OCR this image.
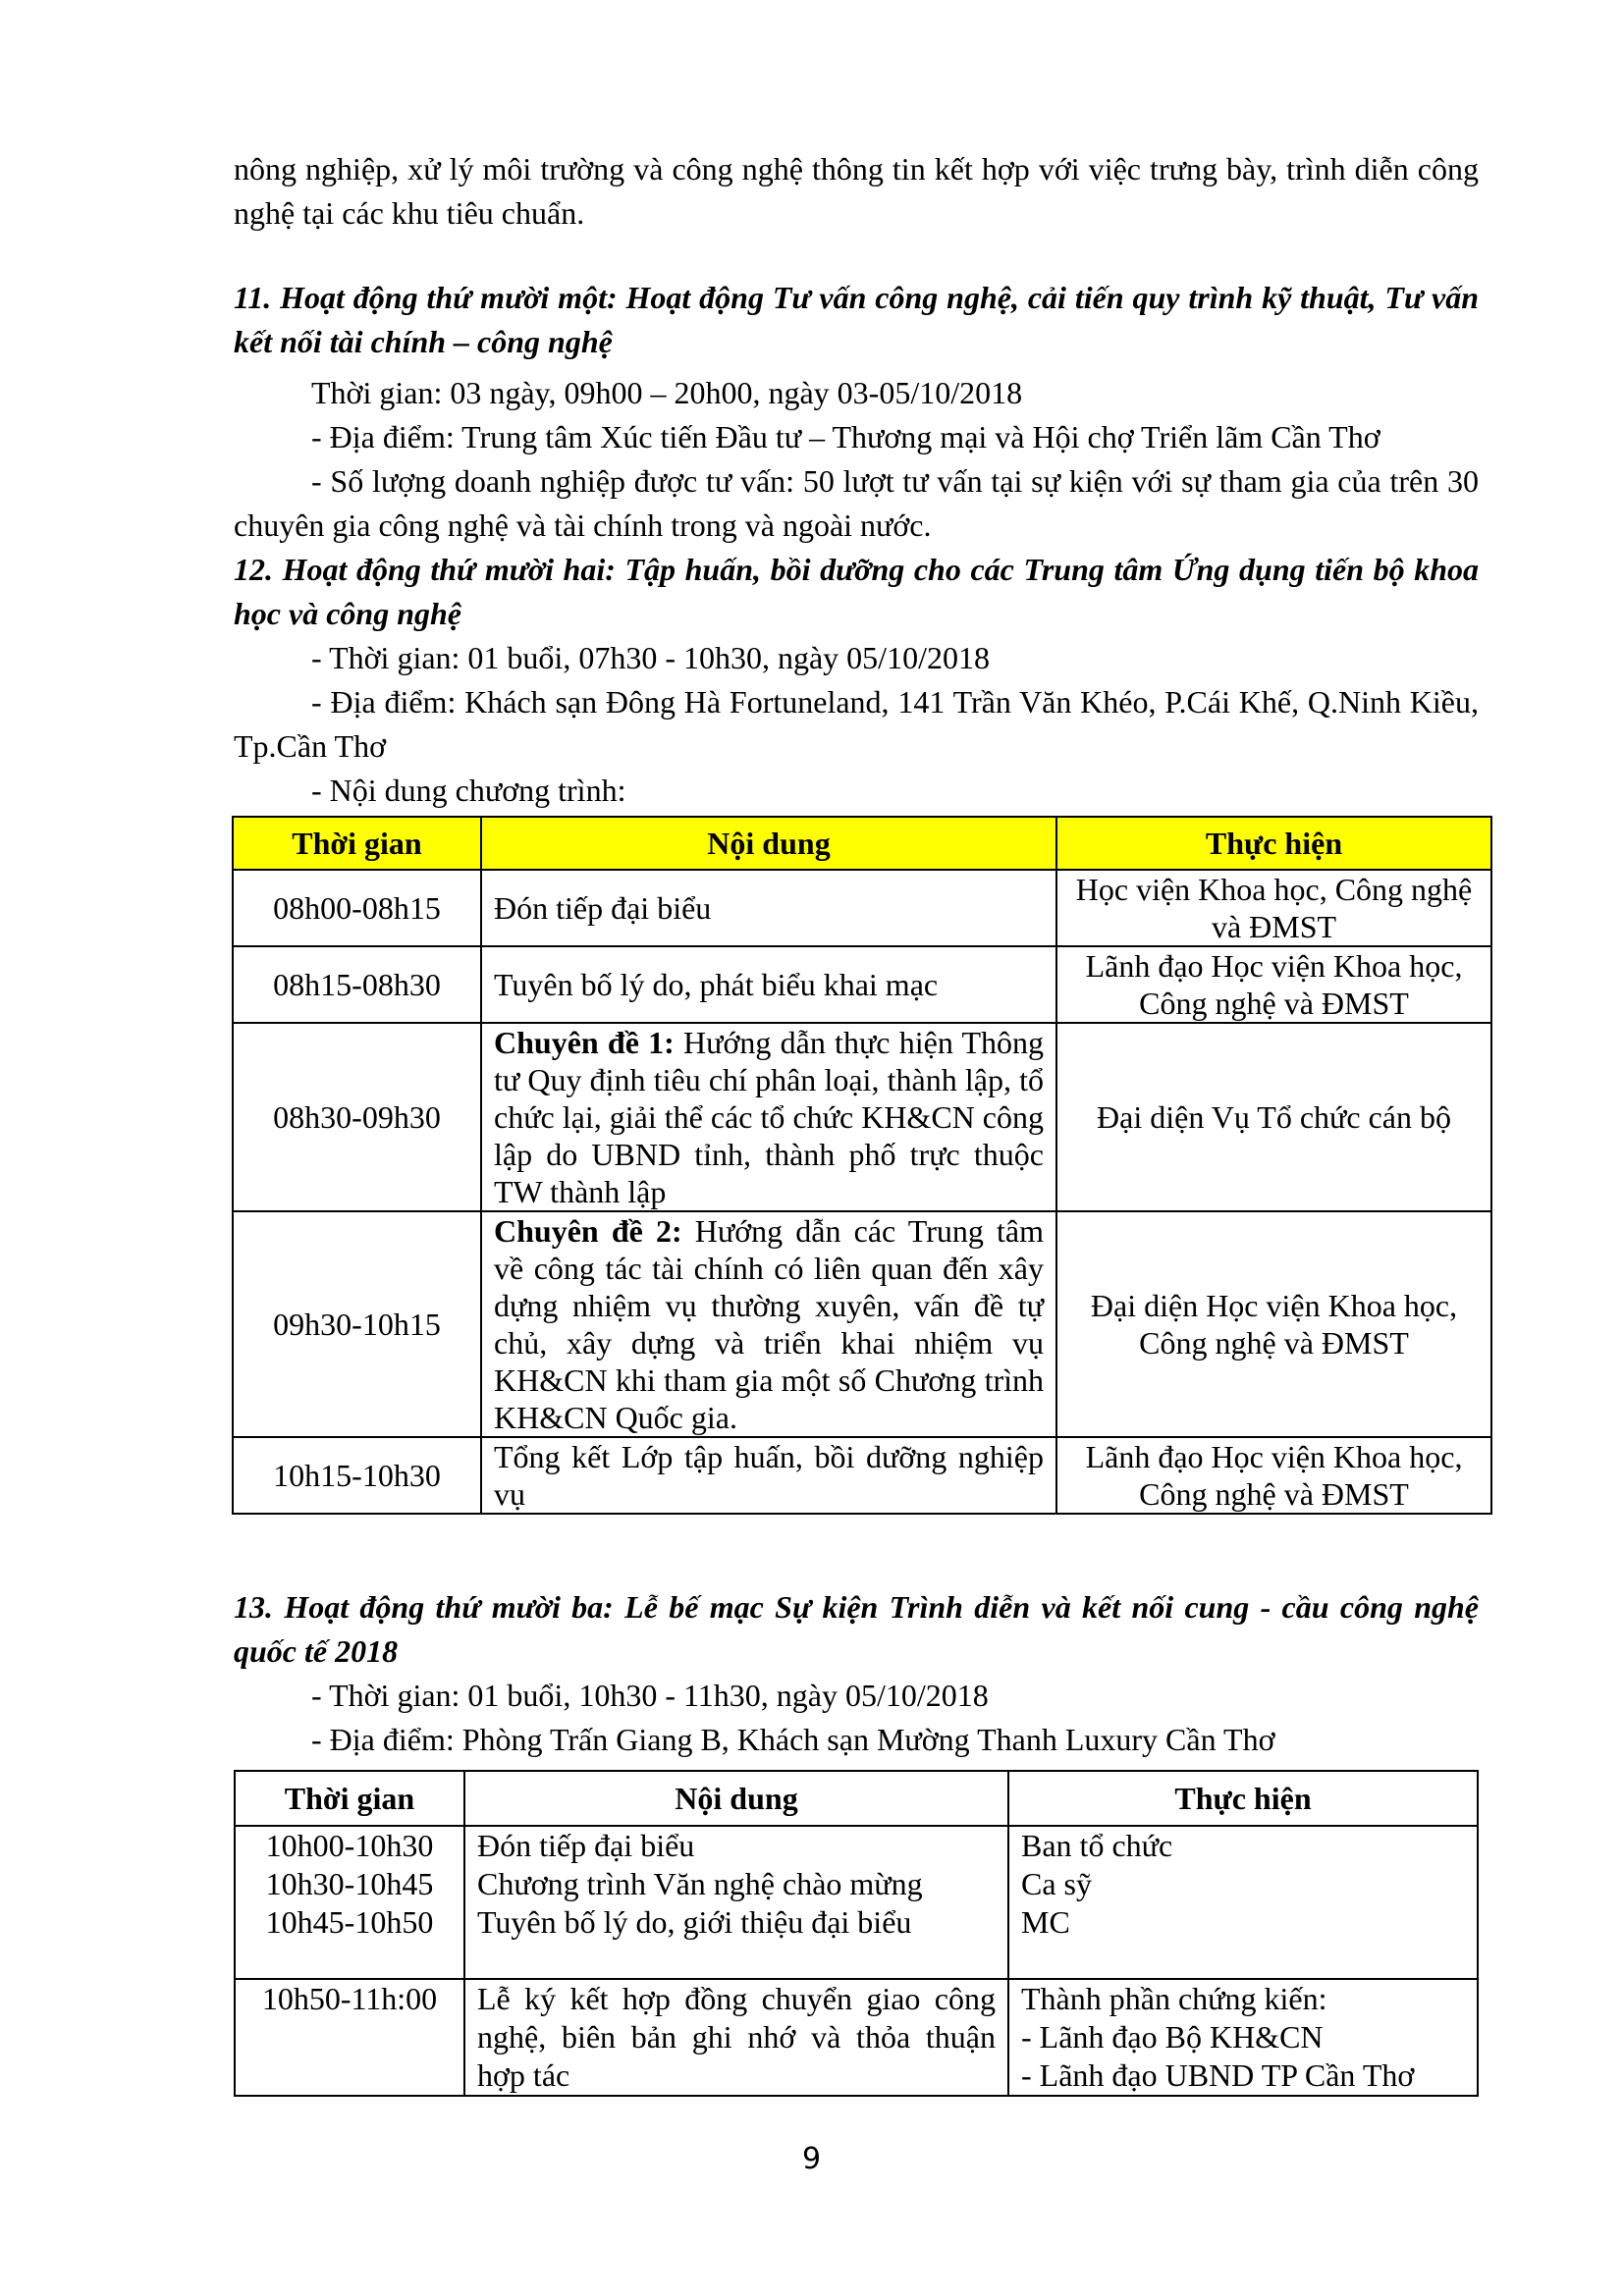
nông nghiệp, xử lý môi trường và công nghệ thông tin kết hợp với việc trưng bày, trình diễn công nghệ tại các khu tiêu chuẩn.

11. Hoạt động thứ mười một: Hoạt động Tư vấn công nghệ, cải tiến quy trình kỹ thuật, Tư vấn kết nối tài chính – công nghệ

Thời gian: 03 ngày, 09h00 – 20h00, ngày 03-05/10/2018

- Địa điểm: Trung tâm Xúc tiến Đầu tư – Thương mại và Hội chợ Triển lãm Cần Thơ

- Số lượng doanh nghiệp được tư vấn: 50 lượt tư vấn tại sự kiện với sự tham gia của trên 30 chuyên gia công nghệ và tài chính trong và ngoài nước.

12. Hoạt động thứ mười hai: Tập huấn, bồi dưỡng cho các Trung tâm Ứng dụng tiến bộ khoa học và công nghệ

- Thời gian: 01 buổi, 07h30 - 10h30, ngày 05/10/2018

- Địa điểm: Khách sạn Đông Hà Fortuneland, 141 Trần Văn Khéo, P.Cái Khế, Q.Ninh Kiều, Tp.Cần Thơ

- Nội dung chương trình:

Thời gian	Nội dung	Thực hiện
08h00-08h15	Đón tiếp đại biểu	Học viện Khoa học, Công nghệ và ĐMST
08h15-08h30	Tuyên bố lý do, phát biểu khai mạc	Lãnh đạo Học viện Khoa học, Công nghệ và ĐMST
08h30-09h30	Chuyên đề 1: Hướng dẫn thực hiện Thông tư Quy định tiêu chí phân loại, thành lập, tổ chức lại, giải thể các tổ chức KH&CN công lập do UBND tỉnh, thành phố trực thuộc TW thành lập	Đại diện Vụ Tổ chức cán bộ
09h30-10h15	Chuyên đề 2: Hướng dẫn các Trung tâm về công tác tài chính có liên quan đến xây dựng nhiệm vụ thường xuyên, vấn đề tự chủ, xây dựng và triển khai nhiệm vụ KH&CN khi tham gia một số Chương trình KH&CN Quốc gia.	Đại diện Học viện Khoa học, Công nghệ và ĐMST
10h15-10h30	Tổng kết Lớp tập huấn, bồi dưỡng nghiệp vụ	Lãnh đạo Học viện Khoa học, Công nghệ và ĐMST

13. Hoạt động thứ mười ba: Lễ bế mạc Sự kiện Trình diễn và kết nối cung - cầu công nghệ quốc tế 2018

- Thời gian: 01 buổi, 10h30 - 11h30, ngày 05/10/2018

- Địa điểm: Phòng Trấn Giang B, Khách sạn Mường Thanh Luxury Cần Thơ

Thời gian	Nội dung	Thực hiện
10h00-10h30	Đón tiếp đại biểu	Ban tổ chức
10h30-10h45	Chương trình Văn nghệ chào mừng	Ca sỹ
10h45-10h50	Tuyên bố lý do, giới thiệu đại biểu	MC
10h50-11h:00	Lễ ký kết hợp đồng chuyển giao công nghệ, biên bản ghi nhớ và thỏa thuận hợp tác	Thành phần chứng kiến:
- Lãnh đạo Bộ KH&CN
- Lãnh đạo UBND TP Cần Thơ
9
